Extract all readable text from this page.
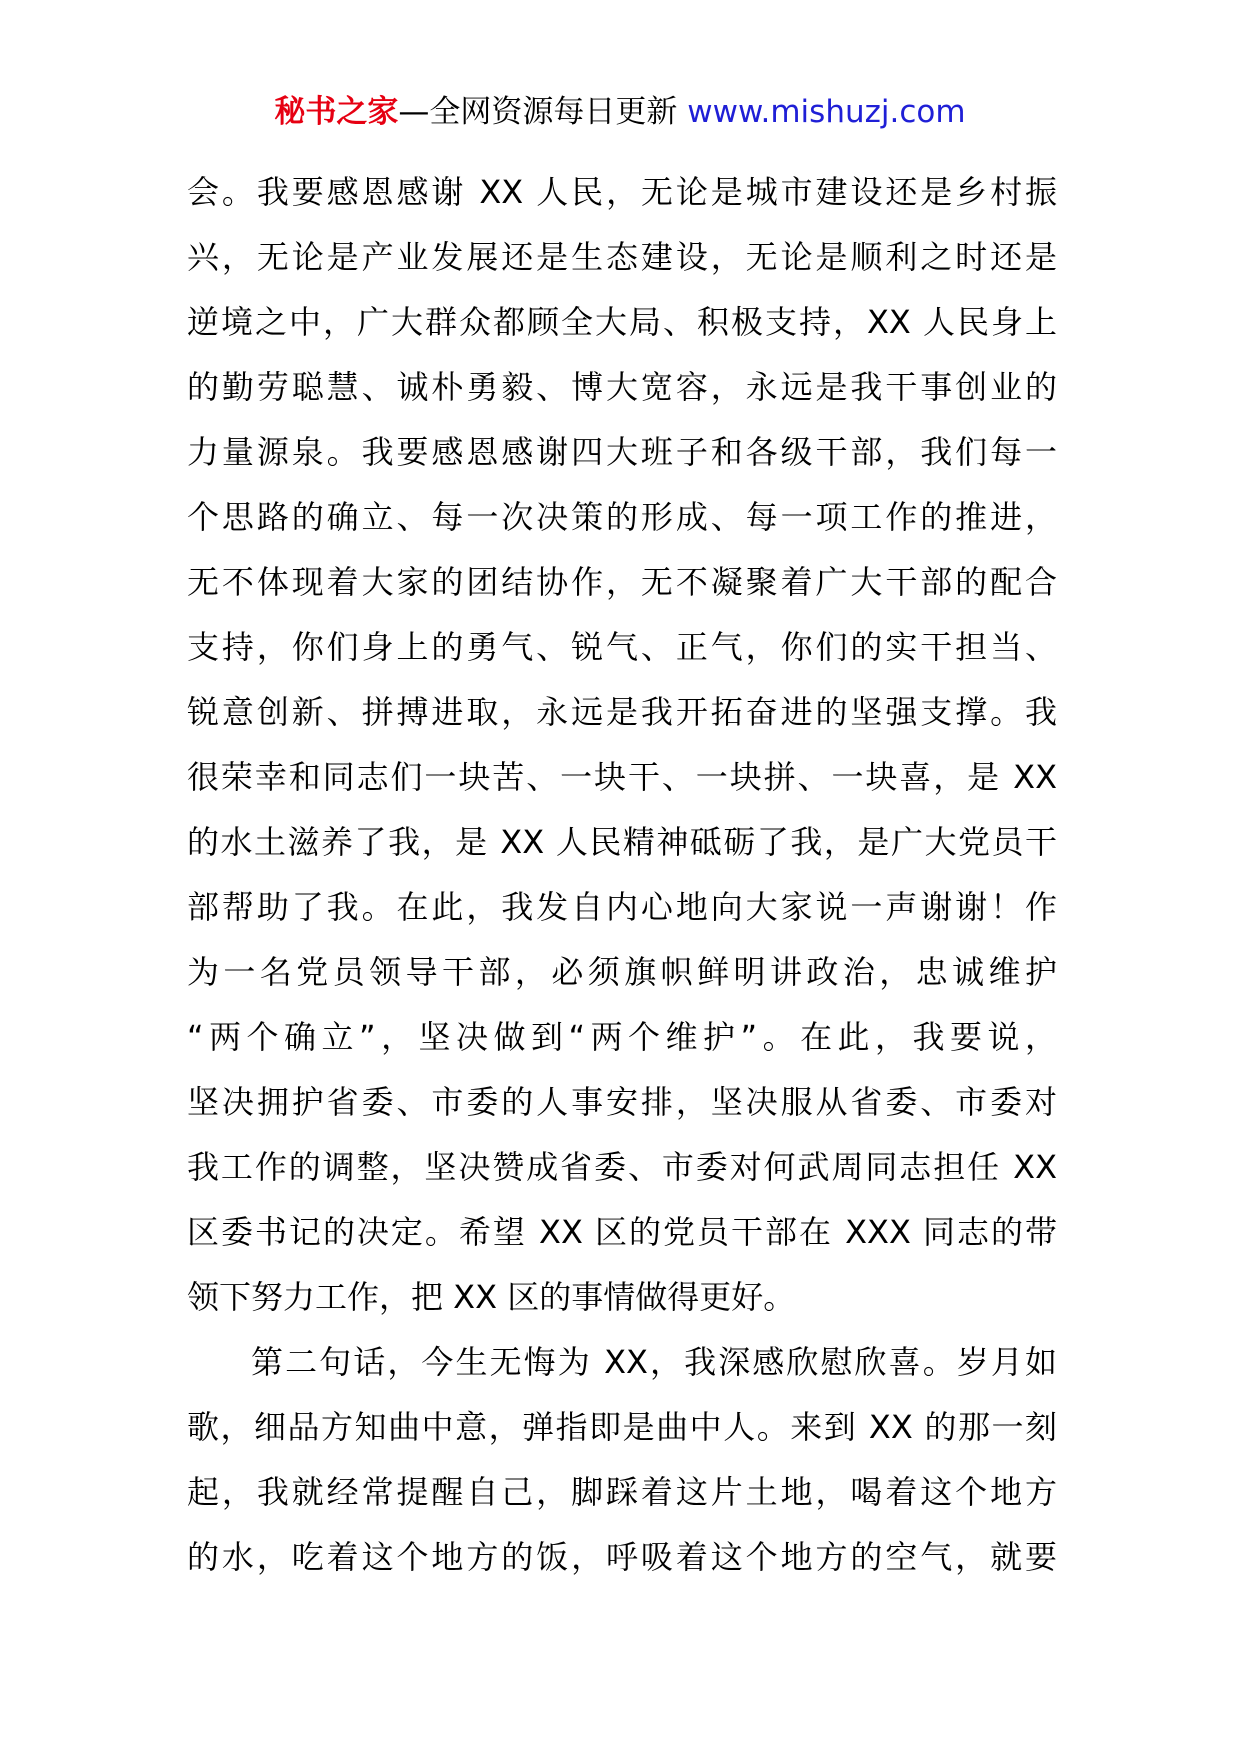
秘书之家—全网资源每日更新 www.mishuzj.com
会。我要感恩感谢 XX 人民，无论是城市建设还是乡村振
兴，无论是产业发展还是生态建设，无论是顺利之时还是
逆境之中，广大群众都顾全大局、积极支持，XX 人民身上
的勤劳聪慧、诚朴勇毅、博大宽容，永远是我干事创业的
力量源泉。我要感恩感谢四大班子和各级干部，我们每一
个思路的确立、每一次决策的形成、每一项工作的推进，
无不体现着大家的团结协作，无不凝聚着广大干部的配合
支持，你们身上的勇气、锐气、正气，你们的实干担当、
锐意创新、拼搏进取，永远是我开拓奋进的坚强支撑。我
很荣幸和同志们一块苦、一块干、一块拼、一块喜，是 XX
的水土滋养了我，是 XX 人民精神砥砺了我，是广大党员干
部帮助了我。在此，我发自内心地向大家说一声谢谢！作
为一名党员领导干部，必须旗帜鲜明讲政治，忠诚维护
“两个确立”，坚决做到“两个维护”。在此，我要说，
坚决拥护省委、市委的人事安排，坚决服从省委、市委对
我工作的调整，坚决赞成省委、市委对何武周同志担任 XX
区委书记的决定。希望 XX 区的党员干部在 XXX 同志的带
领下努力工作，把 XX 区的事情做得更好。
第二句话，今生无悔为 XX，我深感欣慰欣喜。岁月如
歌，细品方知曲中意，弹指即是曲中人。来到 XX 的那一刻
起，我就经常提醒自己，脚踩着这片土地，喝着这个地方
的水，吃着这个地方的饭，呼吸着这个地方的空气，就要
